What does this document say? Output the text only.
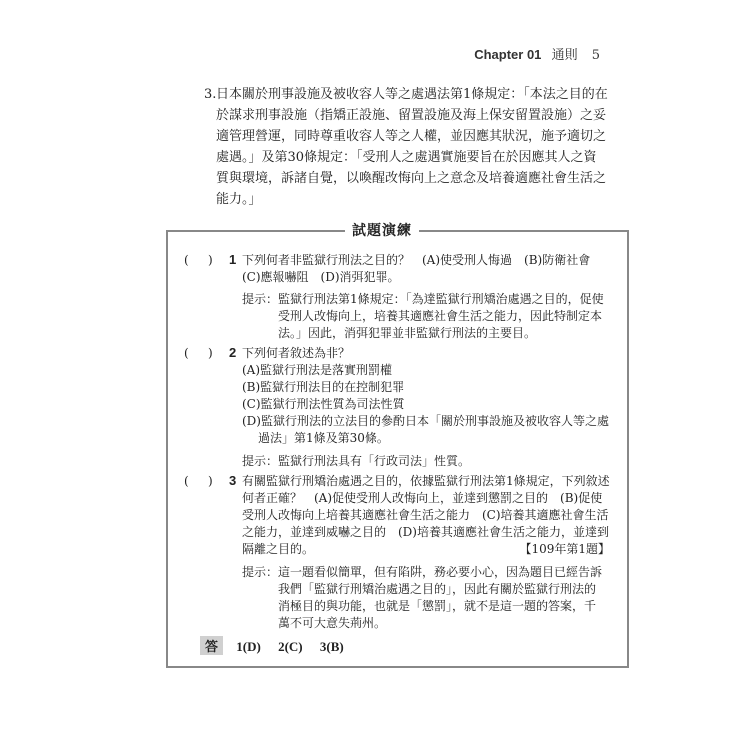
Chapter 01 通則 5
3. 日本關於刑事設施及被收容人等之處遇法第1條規定：「本法之目的在

於謀求刑事設施（指矯正設施、留置設施及海上保安留置設施）之妥

適管理營運，同時尊重收容人等之人權，並因應其狀況，施予適切之

處遇。」及第30條規定：「受刑人之處遇實施要旨在於因應其人之資

質與環境，訴諸自覺，以喚醒改悔向上之意念及培養適應社會生活之

能力。」

試題演練
( ) 1 下列何者非監獄行刑法之目的？　(A)使受刑人悔過　(B)防衛社會

(C)應報嚇阻　(D)消弭犯罪。

提示：監獄行刑法第1條規定：「為達監獄行刑矯治處遇之目的，促使

受刑人改悔向上，培養其適應社會生活之能力，因此特制定本

法。」因此，消弭犯罪並非監獄行刑法的主要目。

( ) 2 下列何者敘述為非？

(A)監獄行刑法是落實刑罰權

(B)監獄行刑法目的在控制犯罪

(C)監獄行刑法性質為司法性質

(D)監獄行刑法的立法目的參酌日本「關於刑事設施及被收容人等之處

過法」第1條及第30條。

提示：監獄行刑法具有「行政司法」性質。

( ) 3 有關監獄行刑矯治處遇之目的，依據監獄行刑法第1條規定，下列敘述

何者正確？　(A)促使受刑人改悔向上，並達到懲罰之目的　(B)促使

受刑人改悔向上培養其適應社會生活之能力　(C)培養其適應社會生活

之能力，並達到威嚇之目的　(D)培養其適應社會生活之能力，並達到

隔離之目的。	【109年第1題】

提示：這一題看似簡單，但有陷阱，務必要小心，因為題目已經告訴

我們「監獄行刑矯治處遇之目的」，因此有關於監獄行刑法的

消極目的與功能，也就是「懲罰」，就不是這一題的答案，千

萬不可大意失荊州。

答 1(D) 2(C) 3(B)
